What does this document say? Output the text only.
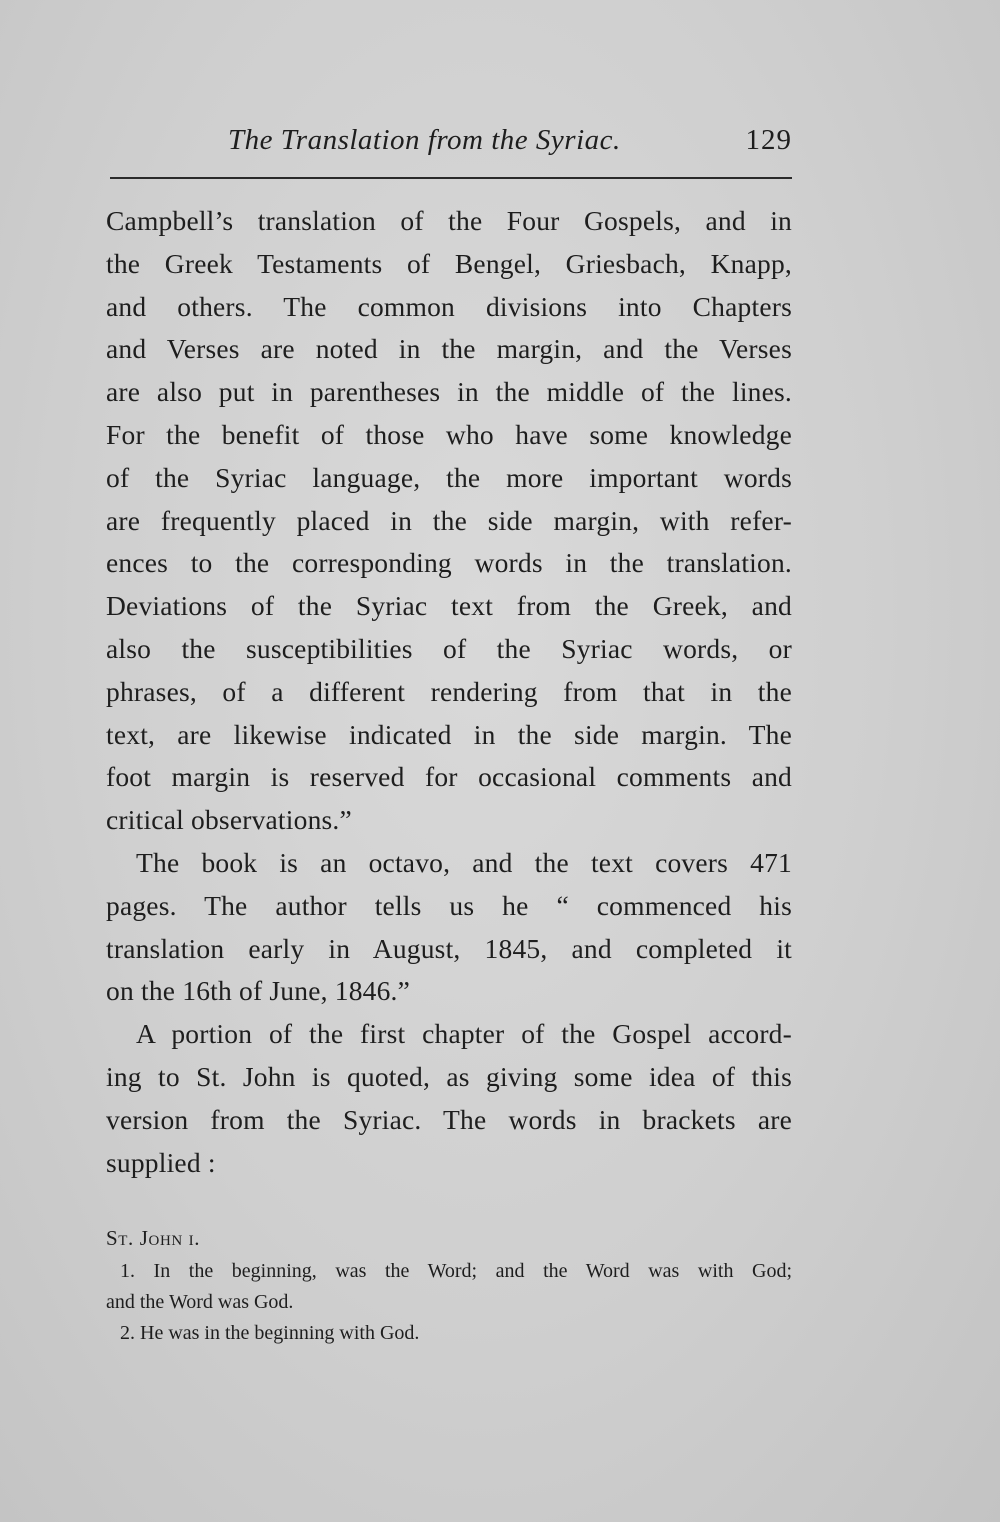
The Translation from the Syriac.	129
Campbell’s translation of the Four Gospels, and in
the Greek Testaments of Bengel, Griesbach, Knapp,
and others. The common divisions into Chapters
and Verses are noted in the margin, and the Verses
are also put in parentheses in the middle of the lines.
For the benefit of those who have some knowledge
of the Syriac language, the more important words
are frequently placed in the side margin, with refer-
ences to the corresponding words in the translation.
Deviations of the Syriac text from the Greek, and
also the susceptibilities of the Syriac words, or
phrases, of a different rendering from that in the
text, are likewise indicated in the side margin. The
foot margin is reserved for occasional comments and
critical observations.”
The book is an octavo, and the text covers 471
pages. The author tells us he “ commenced his
translation early in August, 1845, and completed it
on the 16th of June, 1846.”
A portion of the first chapter of the Gospel accord-
ing to St. John is quoted, as giving some idea of this
version from the Syriac. The words in brackets are
supplied :
St. John i.
1. In the beginning, was the Word; and the Word was with God;
and the Word was God.
2. He was in the beginning with God.
